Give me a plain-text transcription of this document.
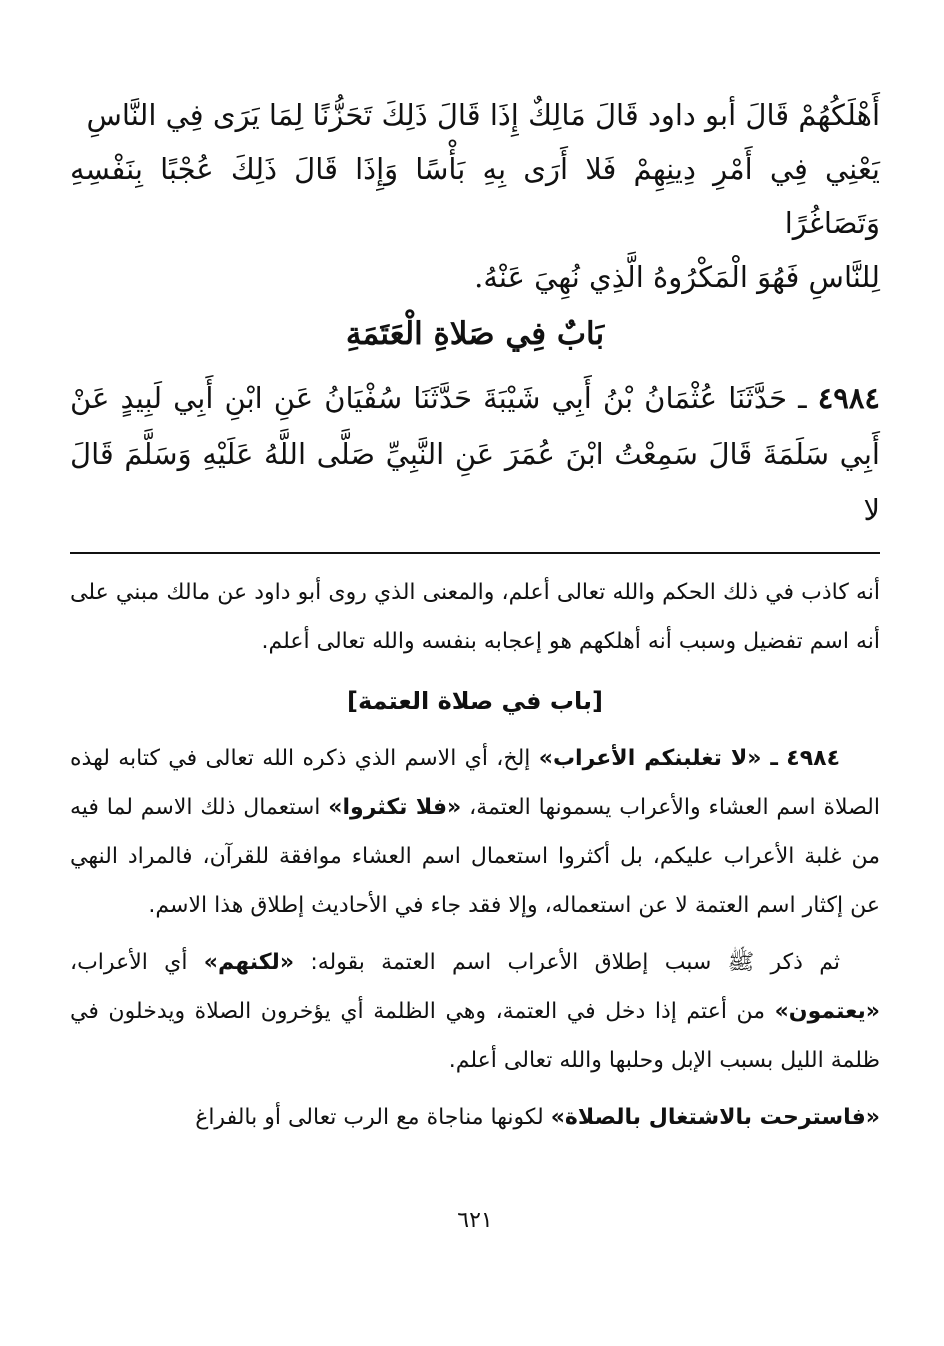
أَهْلَكُهُمْ قَالَ أبو داود قَالَ مَالِكٌ إِذَا قَالَ ذَلِكَ تَحَزُّنًا لِمَا يَرَى فِي النَّاسِ

يَعْنِي فِي أَمْرِ دِينِهِمْ فَلا أَرَى بِهِ بَأْسًا وَإِذَا قَالَ ذَلِكَ عُجْبًا بِنَفْسِهِ وَتَصَاغُرًا

لِلنَّاسِ فَهُوَ الْمَكْرُوهُ الَّذِي نُهِيَ عَنْهُ.

بَابٌ فِي صَلاةِ الْعَتَمَةِ
٤٩٨٤ ـ حَدَّثَنَا عُثْمَانُ بْنُ أَبِي شَيْبَةَ حَدَّثَنَا سُفْيَانُ عَنِ ابْنِ أَبِي لَبِيدٍ عَنْ أَبِي سَلَمَةَ قَالَ سَمِعْتُ ابْنَ عُمَرَ عَنِ النَّبِيِّ صَلَّى اللَّهُ عَلَيْهِ وَسَلَّمَ قَالَ لا

أنه كاذب في ذلك الحكم والله تعالى أعلم، والمعنى الذي روى أبو داود عن مالك مبني على أنه اسم تفضيل وسبب أنه أهلكهم هو إعجابه بنفسه والله تعالى أعلم.

[باب في صلاة العتمة]

٤٩٨٤ ـ «لا تغلبنكم الأعراب» إلخ، أي الاسم الذي ذكره الله تعالى في كتابه لهذه الصلاة اسم العشاء والأعراب يسمونها العتمة، «فلا تكثروا» استعمال ذلك الاسم لما فيه من غلبة الأعراب عليكم، بل أكثروا استعمال اسم العشاء موافقة للقرآن، فالمراد النهي عن إكثار اسم العتمة لا عن استعماله، وإلا فقد جاء في الأحاديث إطلاق هذا الاسم.

ثم ذكر ﷺ سبب إطلاق الأعراب اسم العتمة بقوله: «لكنهم» أي الأعراب، «يعتمون» من أعتم إذا دخل في العتمة، وهي الظلمة أي يؤخرون الصلاة ويدخلون في ظلمة الليل بسبب الإبل وحلبها والله تعالى أعلم.

«فاسترحت بالاشتغال بالصلاة» لكونها مناجاة مع الرب تعالى أو بالفراغ

٦٢١
